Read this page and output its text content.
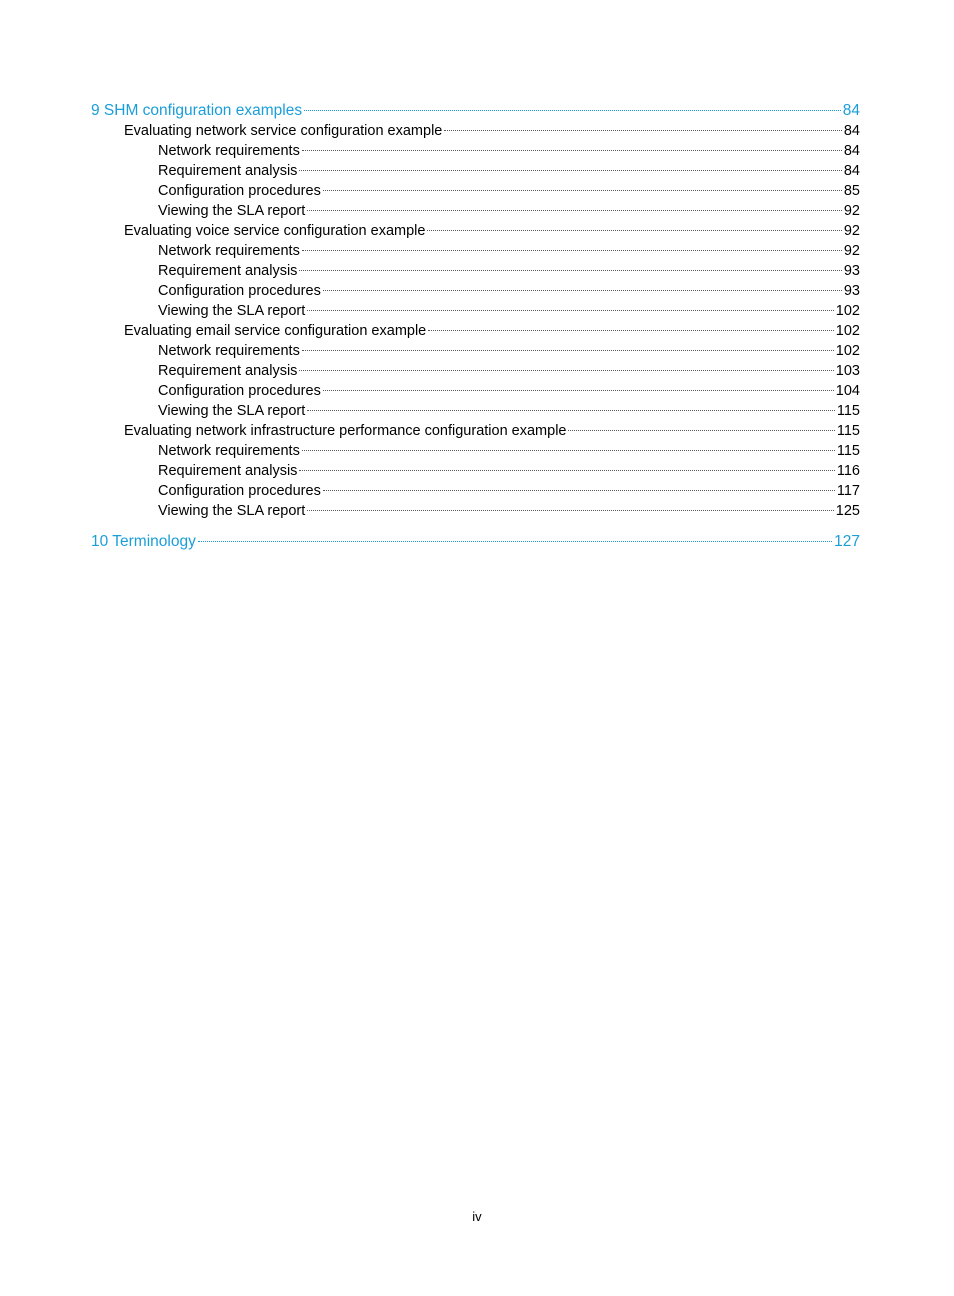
9 SHM configuration examples	84
Evaluating network service configuration example	84
Network requirements	84
Requirement analysis	84
Configuration procedures	85
Viewing the SLA report	92
Evaluating voice service configuration example	92
Network requirements	92
Requirement analysis	93
Configuration procedures	93
Viewing the SLA report	102
Evaluating email service configuration example	102
Network requirements	102
Requirement analysis	103
Configuration procedures	104
Viewing the SLA report	115
Evaluating network infrastructure performance configuration example	115
Network requirements	115
Requirement analysis	116
Configuration procedures	117
Viewing the SLA report	125
10 Terminology	127
iv
